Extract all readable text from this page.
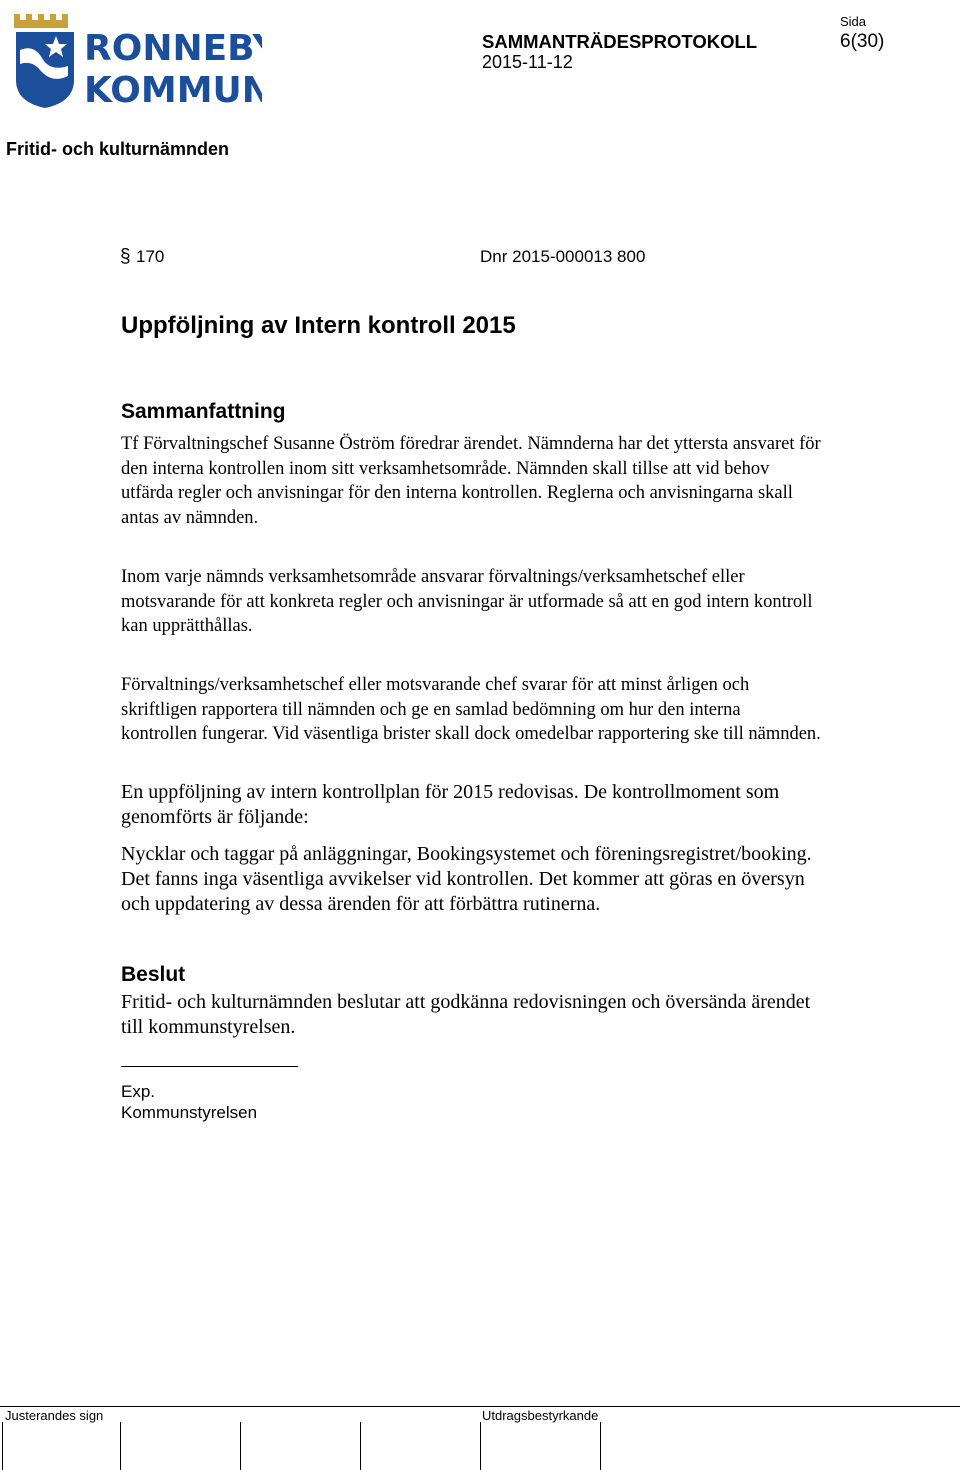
RONNEBY
KOMMUN
Sida
6(30)
SAMMANTRÄDESPROTOKOLL
2015-11-12
Fritid- och kulturnämnden
§ 170	Dnr 2015-000013 800
Uppföljning av Intern kontroll 2015
Sammanfattning
Tf Förvaltningschef Susanne Öström föredrar ärendet. Nämnderna har det yttersta ansvaret för den interna kontrollen inom sitt verksamhetsområde. Nämnden skall tillse att vid behov utfärda regler och anvisningar för den interna kontrollen. Reglerna och anvisningarna skall antas av nämnden.
Inom varje nämnds verksamhetsområde ansvarar förvaltnings/verksamhetschef eller motsvarande för att konkreta regler och anvisningar är utformade så att en god intern kontroll kan upprätthållas.
Förvaltnings/verksamhetschef eller motsvarande chef svarar för att minst årligen och skriftligen rapportera till nämnden och ge en samlad bedömning om hur den interna kontrollen fungerar. Vid väsentliga brister skall dock omedelbar rapportering ske till nämnden.
En uppföljning av intern kontrollplan för 2015 redovisas. De kontrollmoment som genomförts är följande:
Nycklar och taggar på anläggningar, Bookingsystemet och föreningsregistret/booking. Det fanns inga väsentliga avvikelser vid kontrollen. Det kommer att göras en översyn och uppdatering av dessa ärenden för att förbättra rutinerna.
Beslut
Fritid- och kulturnämnden beslutar att godkänna redovisningen och översända ärendet till kommunstyrelsen.
Exp.
Kommunstyrelsen
Justerandes sign	Utdragsbestyrkande
